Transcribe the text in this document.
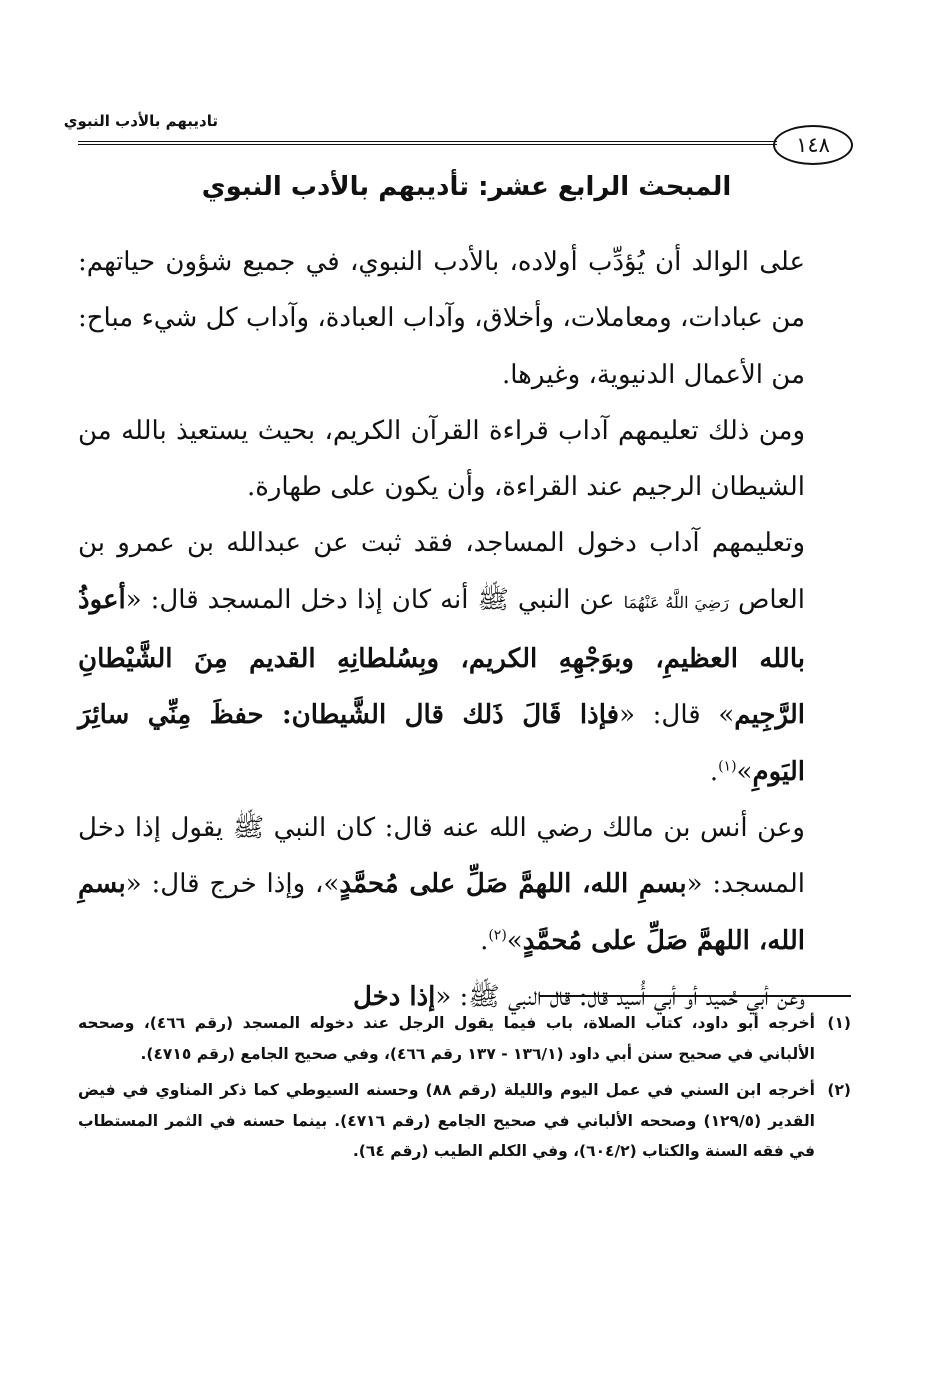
تاديبهم بالأدب النبوي
١٤٨
المبحث الرابع عشر: تأديبهم بالأدب النبوي

على الوالد أن يُؤدِّب أولاده، بالأدب النبوي، في جميع شؤون حياتهم: من عبادات، ومعاملات، وأخلاق، وآداب العبادة، وآداب كل شيء مباح: من الأعمال الدنيوية، وغيرها.

ومن ذلك تعليمهم آداب قراءة القرآن الكريم، بحيث يستعيذ بالله من الشيطان الرجيم عند القراءة، وأن يكون على طهارة.

وتعليمهم آداب دخول المساجد، فقد ثبت عن عبدالله بن عمرو بن العاص رَضِيَ اللَّهُ عَنْهُمَا عن النبي ﷺ أنه كان إذا دخل المسجد قال: «أعوذُ بالله العظيمِ، وبوَجْهِهِ الكريم، وبِسُلطانِهِ القديم مِنَ الشَّيْطانِ الرَّجِيم» قال: «فإذا قَالَ ذَلك قال الشَّيطان: حفظَ مِنِّي سائِرَ اليَومِ»$^{(١)}$.

وعن أنس بن مالك رضي الله عنه قال: كان النبي ﷺ يقول إذا دخل المسجد: «بسمِ الله، اللهمَّ صَلِّ على مُحمَّدٍ»، وإذا خرج قال: «بسمِ الله، اللهمَّ صَلِّ على مُحمَّدٍ»$^{(٢)}$.

وعن أبي حُميد أو أبي أُسيد قال: قال النبي ﷺ: «إذا دخل

(١)
أخرجه أبو داود، كتاب الصلاة، باب فيما يقول الرجل عند دخوله المسجد (رقم ٤٦٦)، وصححه الألباني في صحيح سنن أبي داود (١٣٦/١ - ١٣٧ رقم ٤٦٦)، وفي صحيح الجامع (رقم ٤٧١٥).
(٢)
أخرجه ابن السني في عمل اليوم والليلة (رقم ٨٨) وحسنه السيوطي كما ذكر المناوي في فيض القدير (١٢٩/٥) وصححه الألباني في صحيح الجامع (رقم ٤٧١٦). بينما حسنه في الثمر المستطاب في فقه السنة والكتاب (٦٠٤/٢)، وفي الكلم الطيب (رقم ٦٤).
